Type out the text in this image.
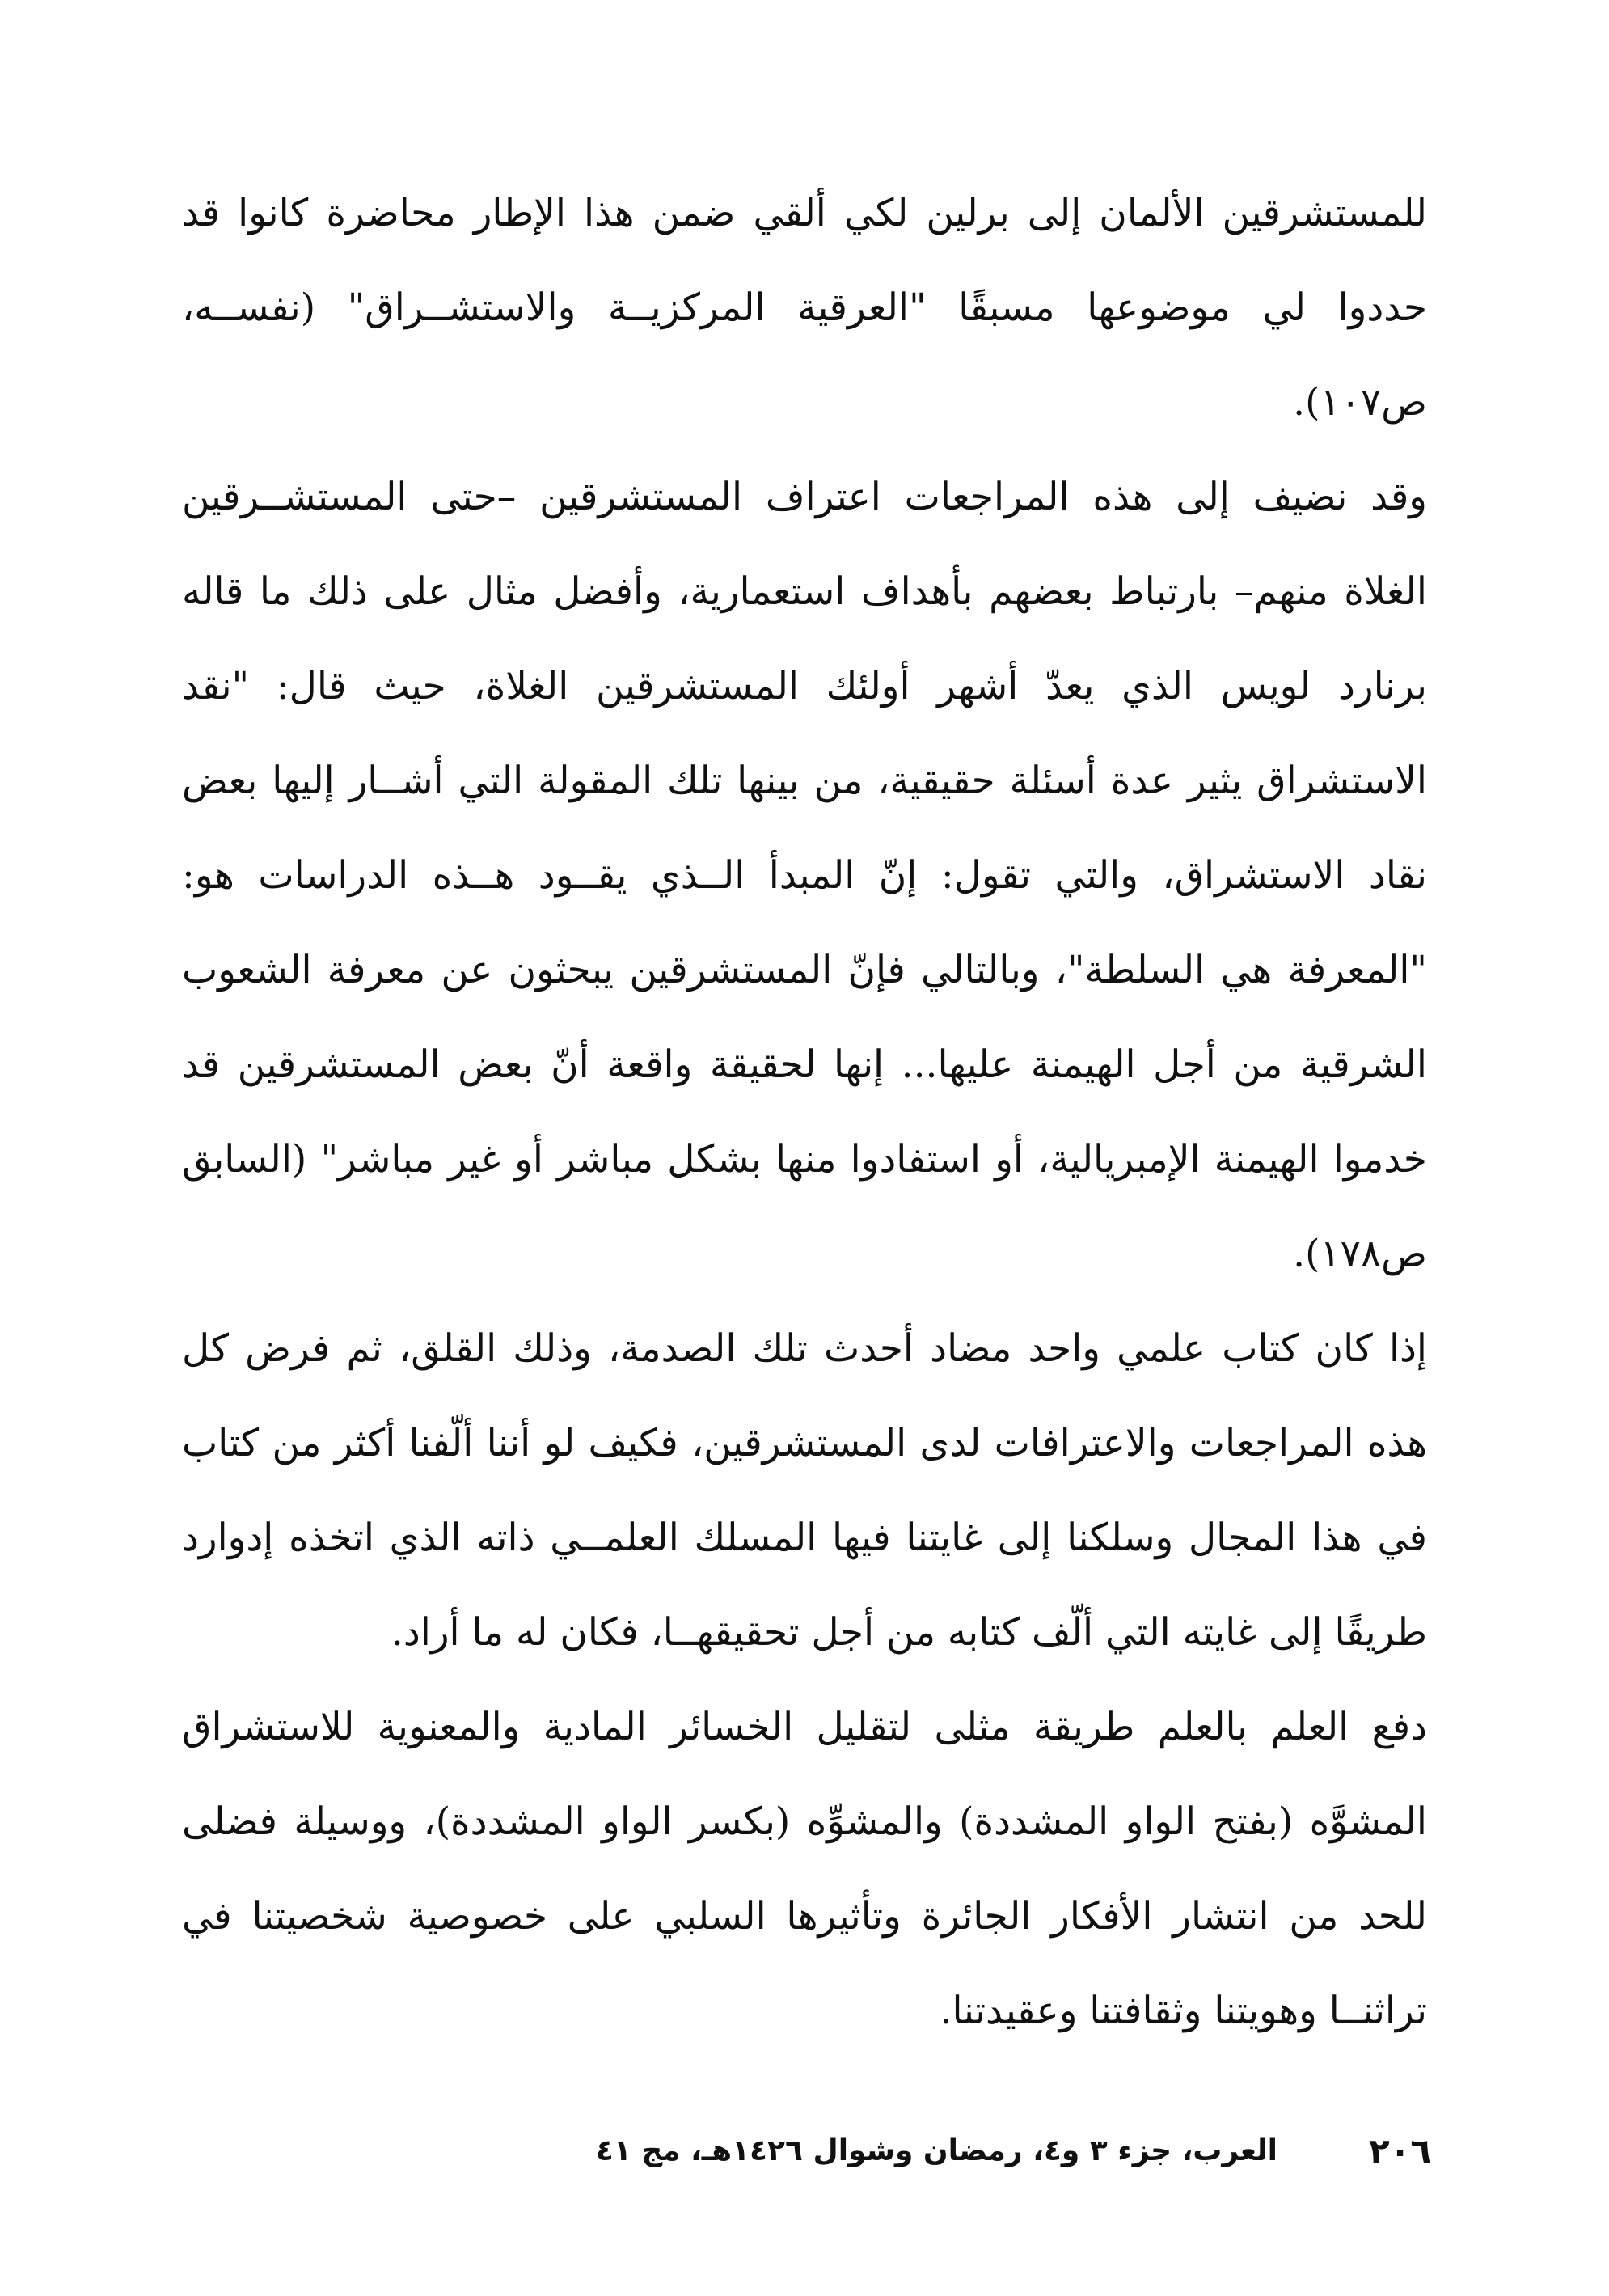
للمستشرقين الألمان إلى برلين لكي ألقي ضمن هذا الإطار محاضرة كانوا قد حددوا لي موضوعها مسبقًا "العرقية المركزيــة والاستشــراق" (نفســه، ص١٠٧).

وقد نضيف إلى هذه المراجعات اعتراف المستشرقين –حتى المستشــرقين الغلاة منهم– بارتباط بعضهم بأهداف استعمارية، وأفضل مثال على ذلك ما قاله برنارد لويس الذي يعدّ أشهر أولئك المستشرقين الغلاة، حيث قال: "نقد الاستشراق يثير عدة أسئلة حقيقية، من بينها تلك المقولة التي أشــار إليها بعض نقاد الاستشراق، والتي تقول: إنّ المبدأ الــذي يقــود هــذه الدراسات هو: "المعرفة هي السلطة"، وبالتالي فإنّ المستشرقين يبحثون عن معرفة الشعوب الشرقية من أجل الهيمنة عليها... إنها لحقيقة واقعة أنّ بعض المستشرقين قد خدموا الهيمنة الإمبريالية، أو استفادوا منها بشكل مباشر أو غير مباشر" (السابق ص١٧٨).

إذا كان كتاب علمي واحد مضاد أحدث تلك الصدمة، وذلك القلق، ثم فرض كل هذه المراجعات والاعترافات لدى المستشرقين، فكيف لو أننا ألّفنا أكثر من كتاب في هذا المجال وسلكنا إلى غايتنا فيها المسلك العلمــي ذاته الذي اتخذه إدوارد طريقًا إلى غايته التي ألّف كتابه من أجل تحقيقهــا، فكان له ما أراد.

دفع العلم بالعلم طريقة مثلى لتقليل الخسائر المادية والمعنوية للاستشراق المشوَّه (بفتح الواو المشددة) والمشوِّه (بكسر الواو المشددة)، ووسيلة فضلى للحد من انتشار الأفكار الجائرة وتأثيرها السلبي على خصوصية شخصيتنا في تراثنــا وهويتنا وثقافتنا وعقيدتنا.

٢٠٦
العرب، جزء ٣ و٤، رمضان وشوال ١٤٢٦هـ، مج ٤١
